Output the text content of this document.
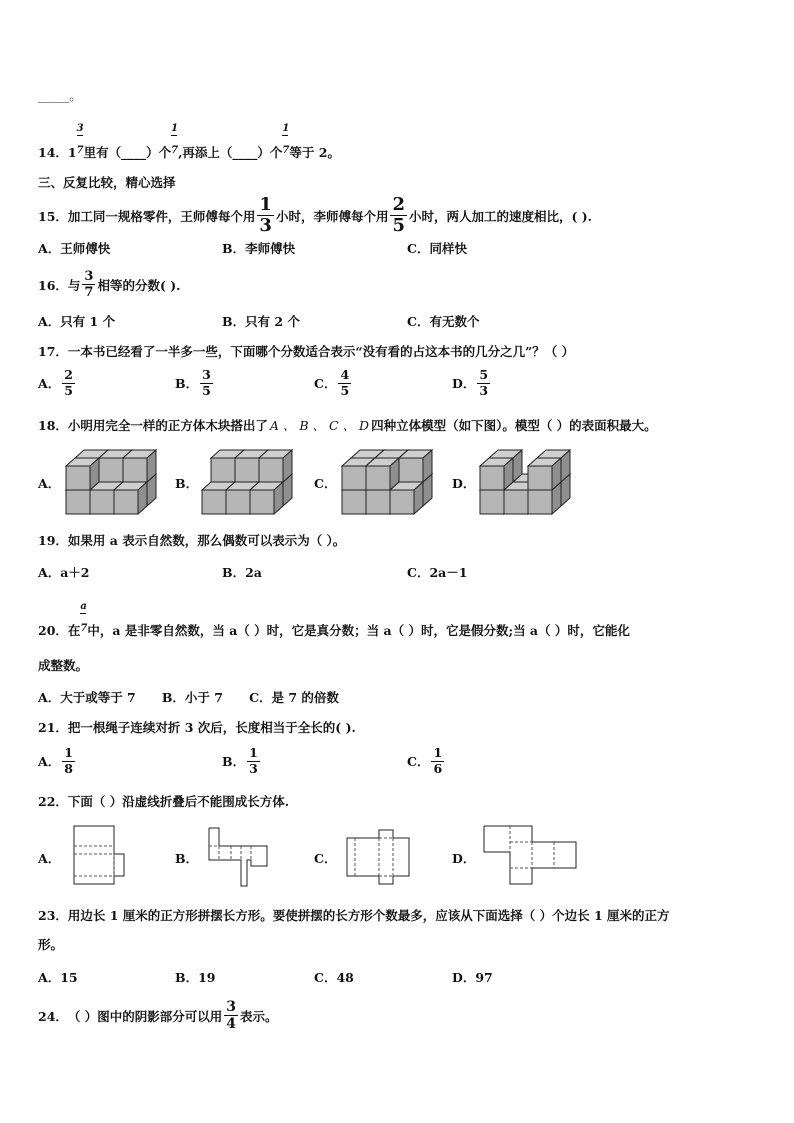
_____。
14． $1 \frac{3}{^7}$ 里有（____）个 $\frac{1}{^7}$ ,再添上（____）个 $\frac{1}{^7}$ 等于 2。
三、反复比较，精心选择
15． 加工同一规格零件，王师傅每个用 $\frac{1}{3}$ 小时，李师傅每个用 $\frac{2}{5}$ 小时，两人加工的速度相比，( ).
A．王师傅快	B．李师傅快	C．同样快
16． 与 $\frac{3}{7}$ 相等的分数( ).
A．只有 1 个	B．只有 2 个	C．有无数个
17． 一本书已经看了一半多一些，下面哪个分数适合表示“没有看的占这本书的几分之几”？（ ）
A． $\frac{2}{5}$	B． $\frac{3}{5}$	C． $\frac{4}{5}$	D． $\frac{5}{3}$
18． 小明用完全一样的正方体木块搭出了 A 、 B 、 C 、 D 四种立体模型（如下图）。模型（ ）的表面积最大。
A．	B．	C．	D．
19． 如果用 a 表示自然数，那么偶数可以表示为（ ）。
A．a＋2	B．2a	C．2a－1
20． 在 $\frac{a}{^7}$ 中，a 是非零自然数，当 a（ ）时，它是真分数；当 a（ ）时，它是假分数;当 a（ ）时，它能化
成整数。
A．大于或等于 7      B．小于 7      C．是 7 的倍数
21． 把一根绳子连续对折 3 次后，长度相当于全长的( ).
A． $\frac{1}{8}$	B． $\frac{1}{3}$	C． $\frac{1}{6}$
22． 下面（ ）沿虚线折叠后不能围成长方体.
A．	B．	C．	D．
23． 用边长 1 厘米的正方形拼摆长方形。要使拼摆的长方形个数最多，应该从下面选择（ ）个边长 1 厘米的正方
形。
A．15	B．19	C．48	D．97
24． （ ）图中的阴影部分可以用 $\frac{3}{4}$ 表示。
